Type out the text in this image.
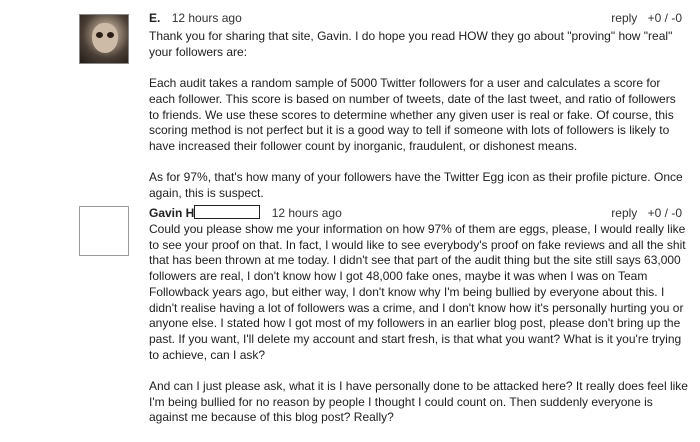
E. 12 hours ago	reply +0 / -0

Thank you for sharing that site, Gavin. I do hope you read HOW they go about "proving" how "real" your followers are:

Each audit takes a random sample of 5000 Twitter followers for a user and calculates a score for each follower. This score is based on number of tweets, date of the last tweet, and ratio of followers to friends. We use these scores to determine whether any given user is real or fake. Of course, this scoring method is not perfect but it is a good way to tell if someone with lots of followers is likely to have increased their follower count by inorganic, fraudulent, or dishonest means.

As for 97%, that's how many of your followers have the Twitter Egg icon as their profile picture. Once again, this is suspect.

Gavin H	12 hours ago	reply +0 / -0

Could you please show me your information on how 97% of them are eggs, please, I would really like to see your proof on that. In fact, I would like to see everybody's proof on fake reviews and all the shit that has been thrown at me today. I didn't see that part of the audit thing but the site still says 63,000 followers are real, I don't know how I got 48,000 fake ones, maybe it was when I was on Team Followback years ago, but either way, I don't know why I'm being bullied by everyone about this. I didn't realise having a lot of followers was a crime, and I don't know how it's personally hurting you or anyone else. I stated how I got most of my followers in an earlier blog post, please don't bring up the past. If you want, I'll delete my account and start fresh, is that what you want? What is it you're trying to achieve, can I ask?

And can I just please ask, what it is I have personally done to be attacked here? It really does feel like I'm being bullied for no reason by people I thought I could count on. Then suddenly everyone is against me because of this blog post? Really?
